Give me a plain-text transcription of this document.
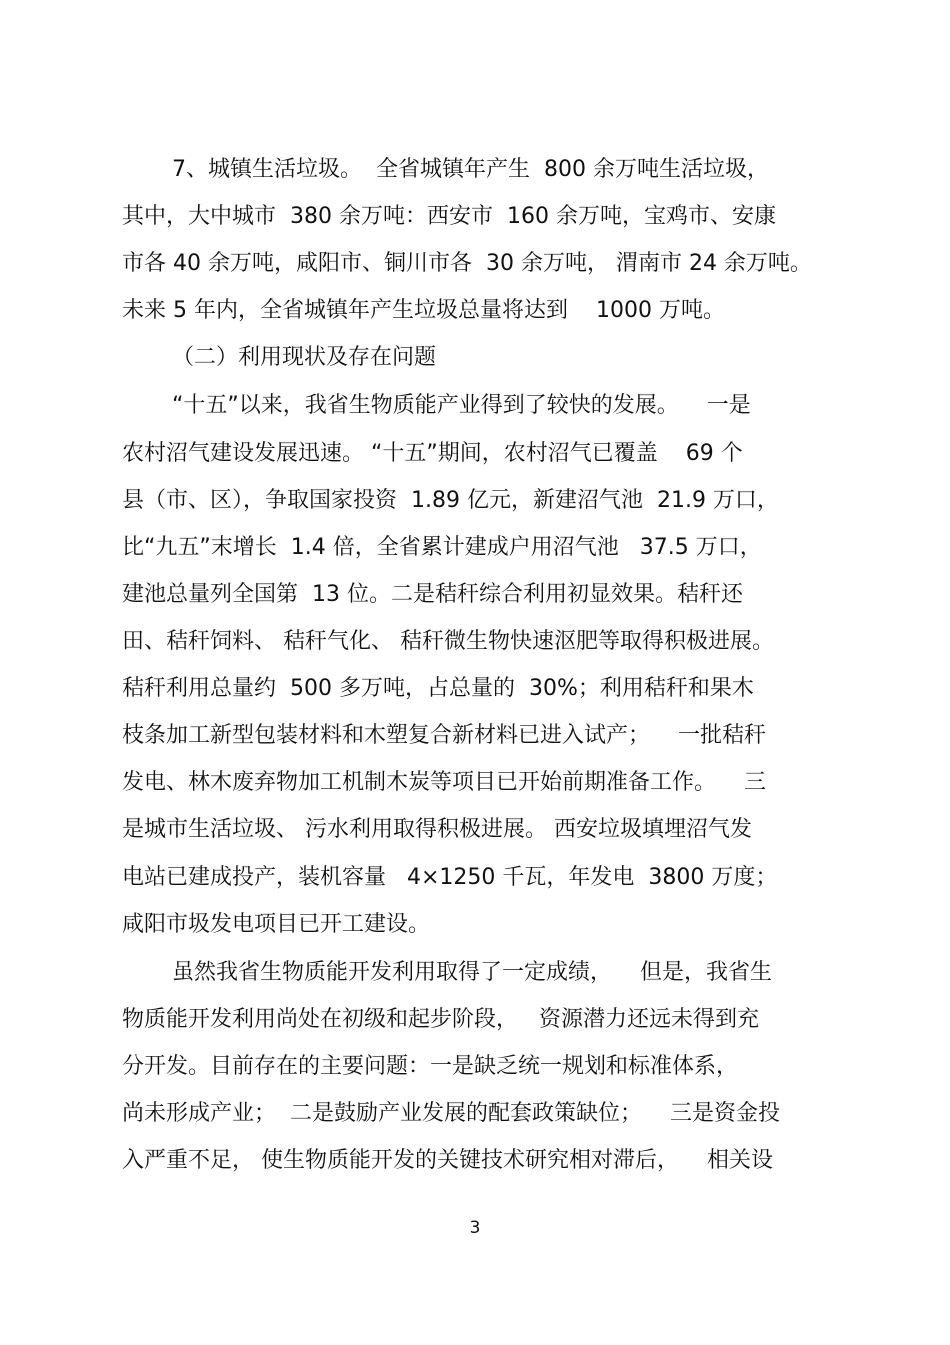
7、城镇生活垃圾。  全省城镇年产生  800 余万吨生活垃圾，
其中，大中城市  380 余万吨：西安市  160 余万吨，宝鸡市、安康
市各 40 余万吨，咸阳市、铜川市各  30 余万吨， 渭南市 24 余万吨。
未来 5 年内，全省城镇年产生垃圾总量将达到    1000 万吨。
（二）利用现状及存在问题
“十五”以来，我省生物质能产业得到了较快的发展。    一是
农村沼气建设发展迅速。 “十五”期间，农村沼气已覆盖    69 个
县（市、区），争取国家投资  1.89 亿元，新建沼气池  21.9 万口，
比“九五”末增长  1.4 倍，全省累计建成户用沼气池   37.5 万口，
建池总量列全国第  13 位。二是秸秆综合利用初显效果。秸秆还
田、秸秆饲料、 秸秆气化、 秸秆微生物快速沤肥等取得积极进展。
秸秆利用总量约  500 多万吨，占总量的  30%；利用秸秆和果木
枝条加工新型包装材料和木塑复合新材料已进入试产；    一批秸秆
发电、林木废弃物加工机制木炭等项目已开始前期准备工作。    三
是城市生活垃圾、 污水利用取得积极进展。 西安垃圾填埋沼气发
电站已建成投产，装机容量   4×1250 千瓦，年发电  3800 万度；
咸阳市圾发电项目已开工建设。
虽然我省生物质能开发利用取得了一定成绩，    但是，我省生
物质能开发利用尚处在初级和起步阶段，   资源潜力还远未得到充
分开发。目前存在的主要问题：一是缺乏统一规划和标准体系，
尚未形成产业；  二是鼓励产业发展的配套政策缺位；    三是资金投
入严重不足， 使生物质能开发的关键技术研究相对滞后，    相关设
3
